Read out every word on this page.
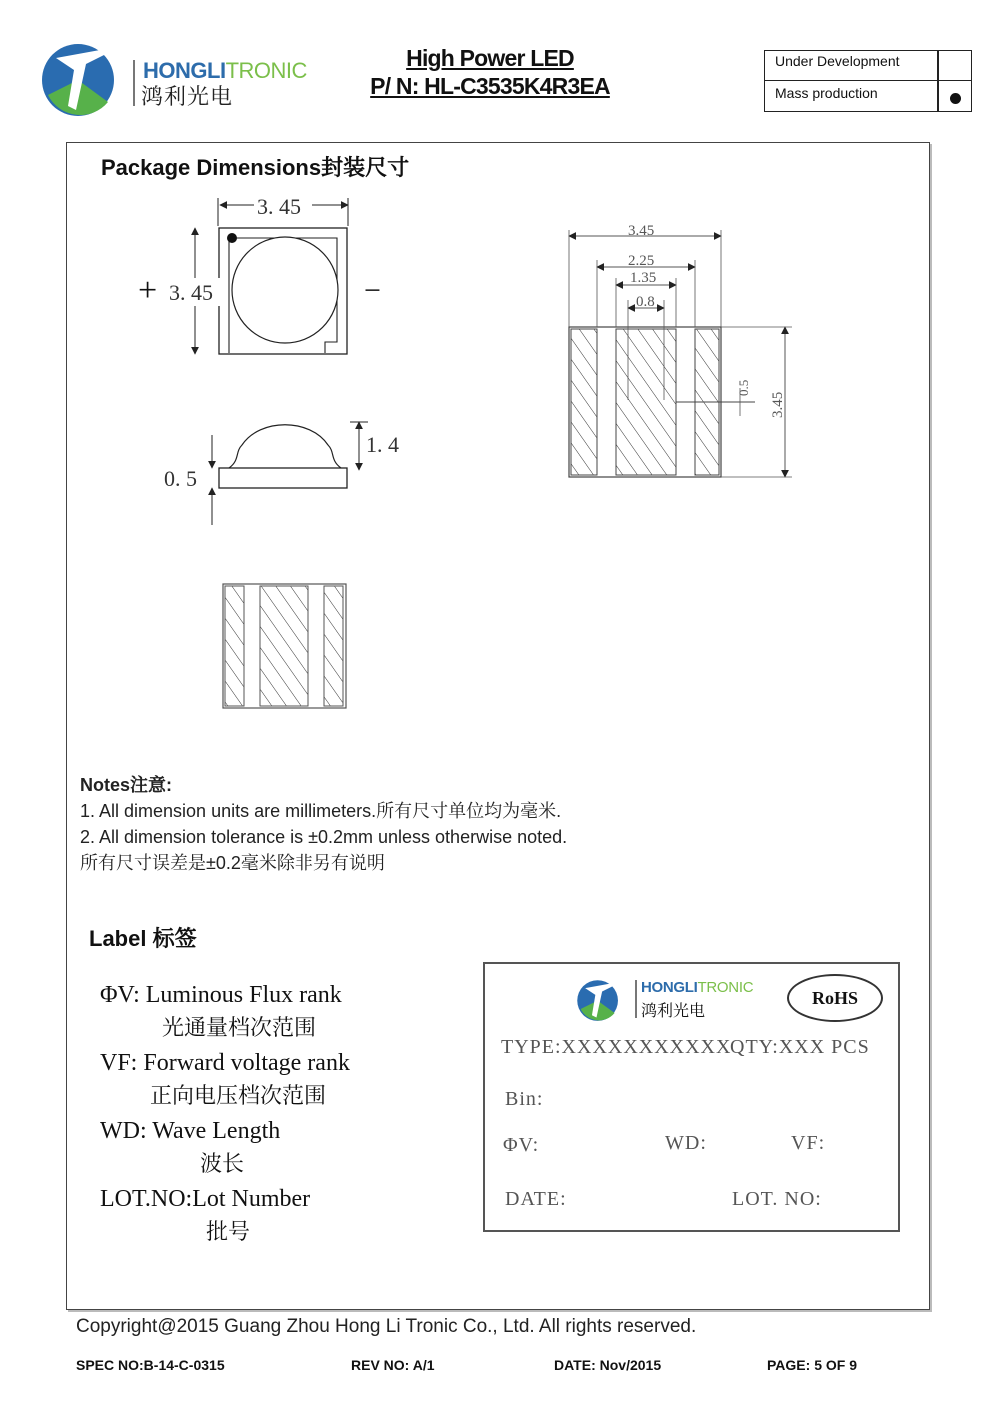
HONGLITRONIC
鸿利光电
High Power LED
P/ N: HL-C3535K4R3EA
Under Development
Mass production
Package Dimensions封装尺寸
3. 45
+ 3. 45	−
1. 4
0. 5
3.45
2.25
1.35
0.8
0.5
3.45
Notes注意:
1. All dimension units are millimeters.所有尺寸单位均为毫米.
2. All dimension tolerance is ±0.2mm unless otherwise noted.
所有尺寸误差是±0.2毫米除非另有说明
Label 标签
ΦV: Luminous Flux rank
光通量档次范围
VF: Forward voltage rank
正向电压档次范围
WD: Wave Length
波长
LOT.NO:Lot Number
批号
HONGLITRONIC
鸿利光电
RoHS
TYPE:XXXXXXXXXXX
QTY:XXX PCS
Bin:
ΦV:	WD:	VF:
DATE:	LOT. NO:
Copyright@2015 Guang Zhou Hong Li Tronic Co., Ltd. All rights reserved.
SPEC NO:B-14-C-0315	REV NO: A/1	DATE: Nov/2015	PAGE: 5 OF 9
